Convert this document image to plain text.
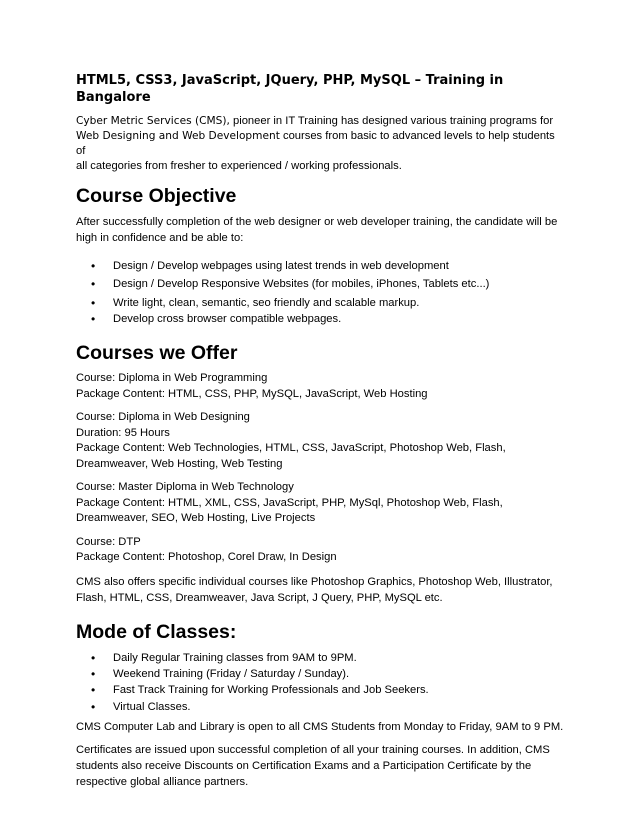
HTML5, CSS3, JavaScript, JQuery, PHP, MySQL – Training in
Bangalore
Cyber Metric Services (CMS), pioneer in IT Training has designed various training programs for
Web Designing and Web Development courses from basic to advanced levels to help students of
all categories from fresher to experienced / working professionals.
Course Objective

After successfully completion of the web designer or web developer training, the candidate will be

high in confidence and be able to:

• Design / Develop webpages using latest trends in web development
• Design / Develop Responsive Websites (for mobiles, iPhones, Tablets etc...)
• Write light, clean, semantic, seo friendly and scalable markup.
• Develop cross browser compatible webpages.
Courses we Offer

Course: Diploma in Web Programming

Package Content: HTML, CSS, PHP, MySQL, JavaScript, Web Hosting

Course: Diploma in Web Designing

Duration: 95 Hours

Package Content: Web Technologies, HTML, CSS, JavaScript, Photoshop Web, Flash,

Dreamweaver, Web Hosting, Web Testing

Course: Master Diploma in Web Technology

Package Content: HTML, XML, CSS, JavaScript, PHP, MySql, Photoshop Web, Flash,

Dreamweaver, SEO, Web Hosting, Live Projects

Course: DTP

Package Content: Photoshop, Corel Draw, In Design

CMS also offers specific individual courses like Photoshop Graphics, Photoshop Web, Illustrator,

Flash, HTML, CSS, Dreamweaver, Java Script, J Query, PHP, MySQL etc.

Mode of Classes:
• Daily Regular Training classes from 9AM to 9PM.
• Weekend Training (Friday / Saturday / Sunday).
• Fast Track Training for Working Professionals and Job Seekers.
• Virtual Classes.

CMS Computer Lab and Library is open to all CMS Students from Monday to Friday, 9AM to 9 PM.

Certificates are issued upon successful completion of all your training courses. In addition, CMS

students also receive Discounts on Certification Exams and a Participation Certificate by the

respective global alliance partners.
